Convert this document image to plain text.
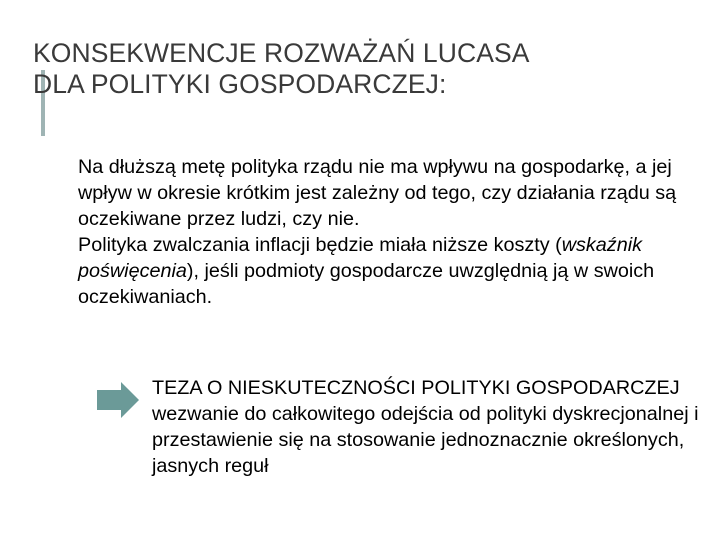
KONSEKWENCJE ROZWAŻAŃ LUCASA
DLA POLITYKI GOSPODARCZEJ:

Na dłuższą metę polityka rządu nie ma wpływu na gospodarkę, a jej wpływ w okresie krótkim jest zależny od tego, czy działania rządu są oczekiwane przez ludzi, czy nie.

Polityka zwalczania inflacji będzie miała niższe koszty (wskaźnik poświęcenia), jeśli podmioty gospodarcze uwzględnią ją w swoich oczekiwaniach.

TEZA O NIESKUTECZNOŚCI POLITYKI GOSPODARCZEJ

wezwanie do całkowitego odejścia od polityki dyskrecjonalnej i przestawienie się na stosowanie jednoznacznie określonych, jasnych reguł
